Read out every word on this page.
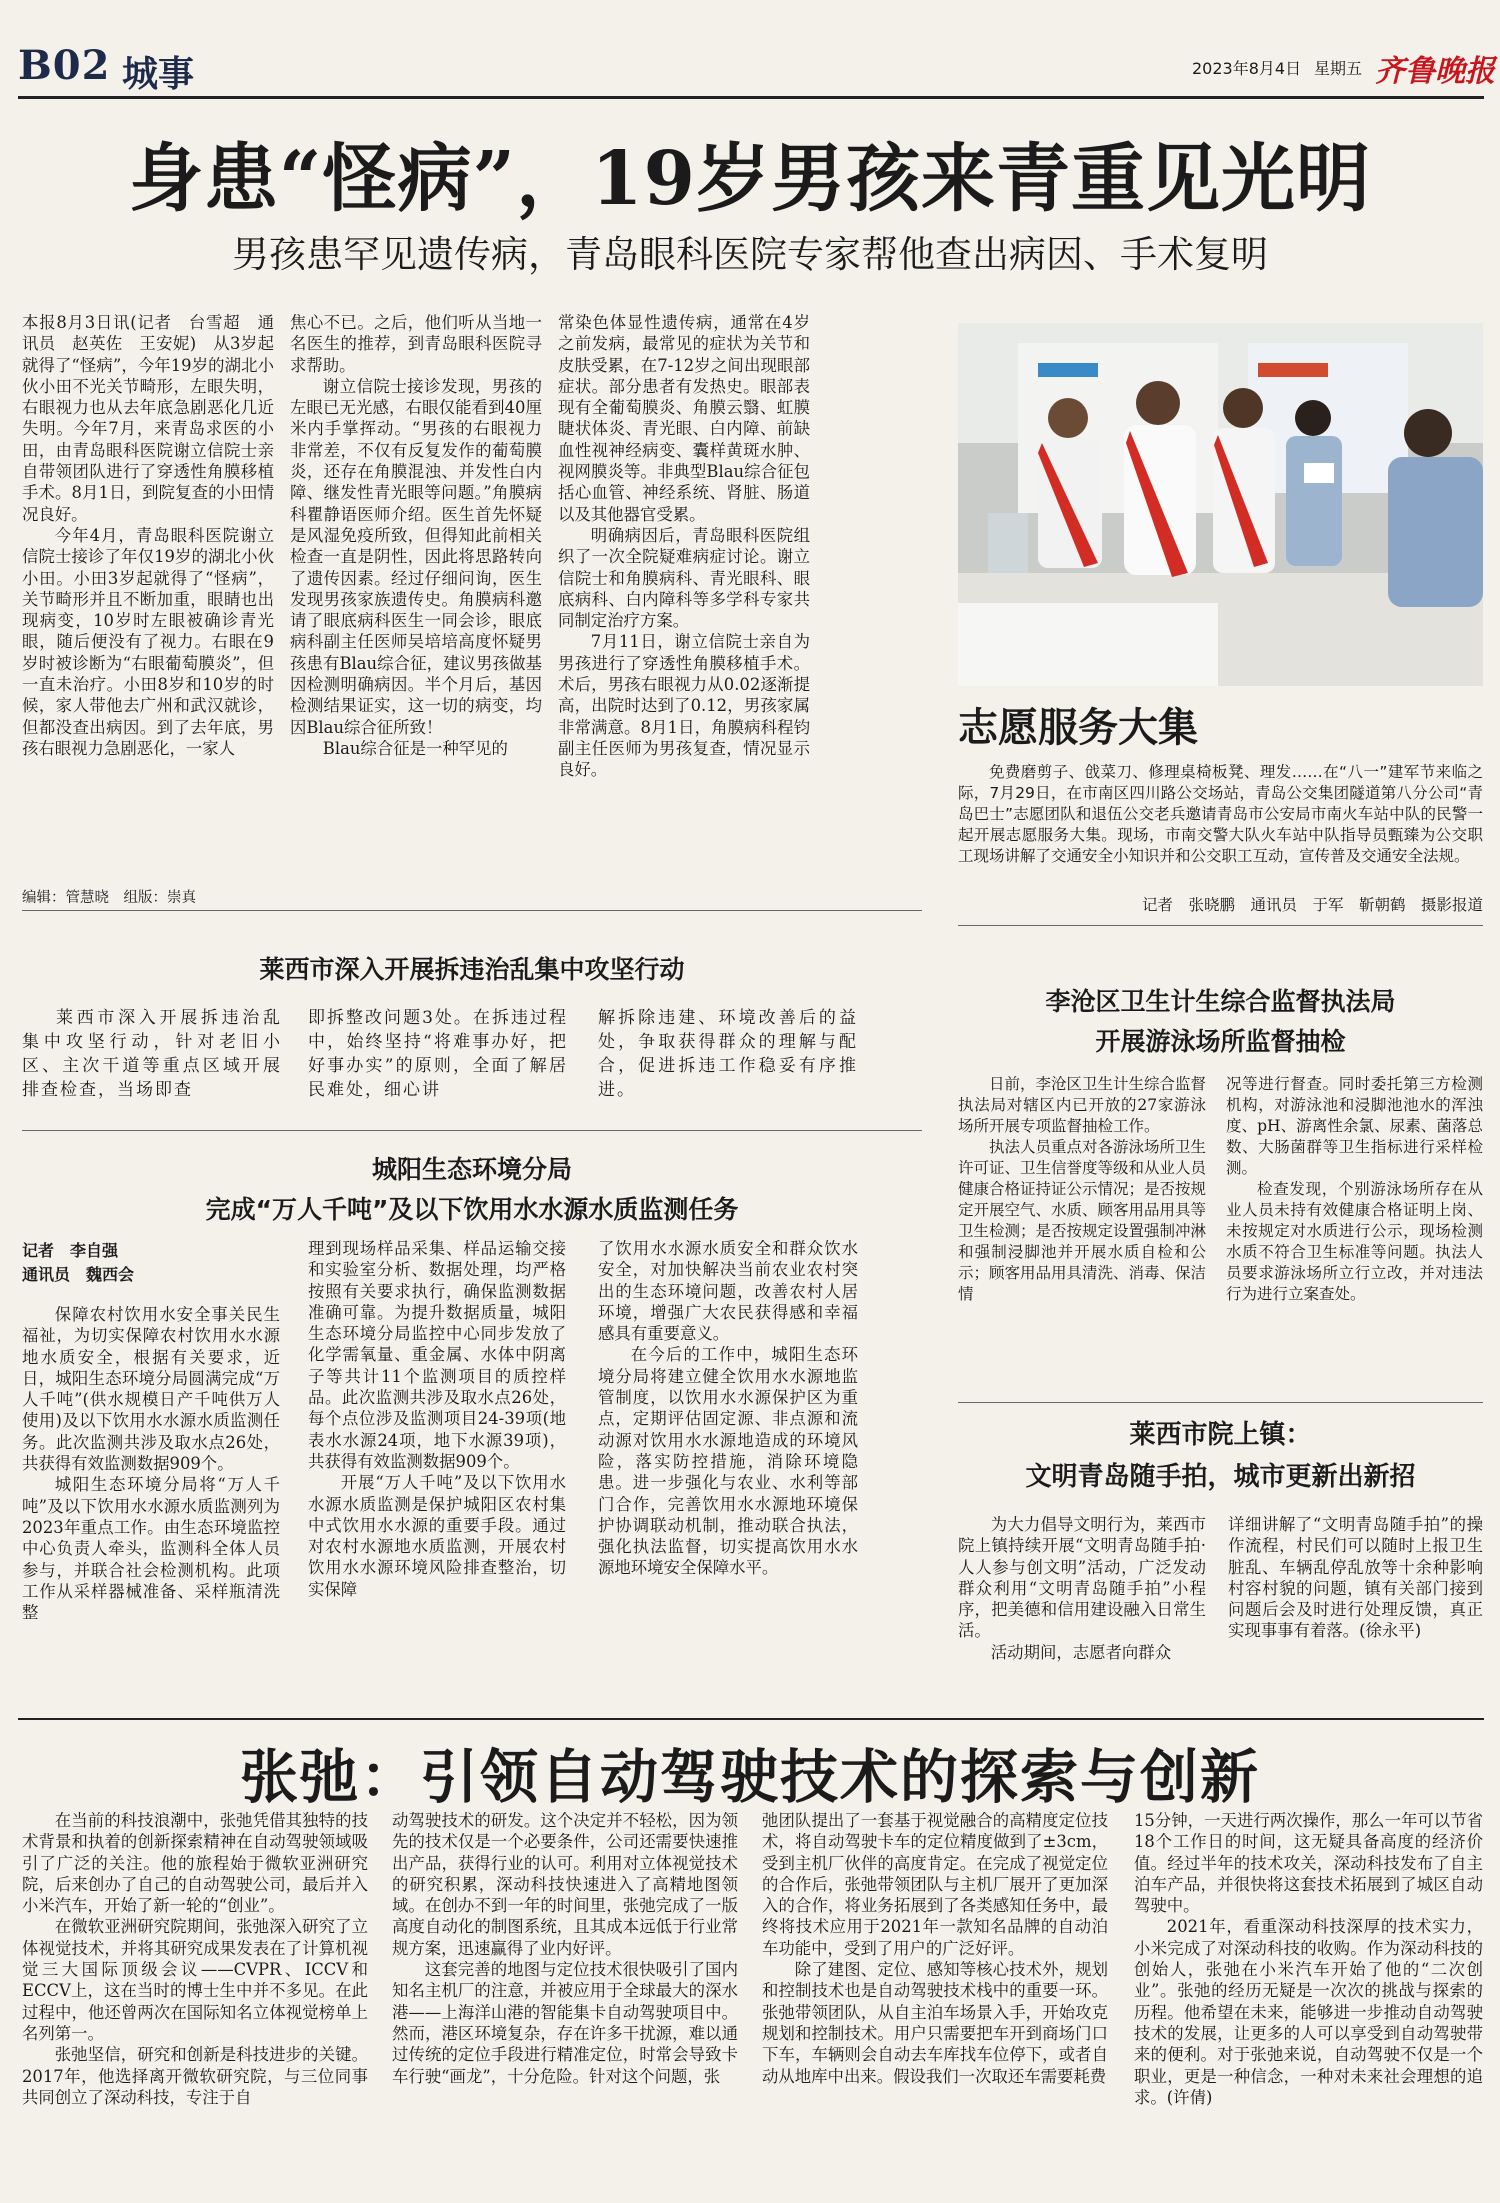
B02 城事	2023年8月4日 星期五 齐鲁晚报
身患“怪病”，19岁男孩来青重见光明
男孩患罕见遗传病，青岛眼科医院专家帮他查出病因、手术复明

本报8月3日讯(记者　台雪超　通讯员　赵英佐　王安妮)　从3岁起就得了“怪病”，今年19岁的湖北小伙小田不光关节畸形，左眼失明，右眼视力也从去年底急剧恶化几近失明。今年7月，来青岛求医的小田，由青岛眼科医院谢立信院士亲自带领团队进行了穿透性角膜移植手术。8月1日，到院复查的小田情况良好。

今年4月，青岛眼科医院谢立信院士接诊了年仅19岁的湖北小伙小田。小田3岁起就得了“怪病”，关节畸形并且不断加重，眼睛也出现病变，10岁时左眼被确诊青光眼，随后便没有了视力。右眼在9岁时被诊断为“右眼葡萄膜炎”，但一直未治疗。小田8岁和10岁的时候，家人带他去广州和武汉就诊，但都没查出病因。到了去年底，男孩右眼视力急剧恶化，一家人

焦心不已。之后，他们听从当地一名医生的推荐，到青岛眼科医院寻求帮助。

谢立信院士接诊发现，男孩的左眼已无光感，右眼仅能看到40厘米内手掌挥动。“男孩的右眼视力非常差，不仅有反复发作的葡萄膜炎，还存在角膜混浊、并发性白内障、继发性青光眼等问题。”角膜病科瞿静语医师介绍。医生首先怀疑是风湿免疫所致，但得知此前相关检查一直是阴性，因此将思路转向了遗传因素。经过仔细问询，医生发现男孩家族遗传史。角膜病科邀请了眼底病科医生一同会诊，眼底病科副主任医师吴培培高度怀疑男孩患有Blau综合征，建议男孩做基因检测明确病因。半个月后，基因检测结果证实，这一切的病变，均因Blau综合征所致！

Blau综合征是一种罕见的

常染色体显性遗传病，通常在4岁之前发病，最常见的症状为关节和皮肤受累，在7-12岁之间出现眼部症状。部分患者有发热史。眼部表现有全葡萄膜炎、角膜云翳、虹膜睫状体炎、青光眼、白内障、前缺血性视神经病变、囊样黄斑水肿、视网膜炎等。非典型Blau综合征包括心血管、神经系统、肾脏、肠道以及其他器官受累。

明确病因后，青岛眼科医院组织了一次全院疑难病症讨论。谢立信院士和角膜病科、青光眼科、眼底病科、白内障科等多学科专家共同制定治疗方案。

7月11日，谢立信院士亲自为男孩进行了穿透性角膜移植手术。术后，男孩右眼视力从0.02逐渐提高，出院时达到了0.12，男孩家属非常满意。8月1日，角膜病科程钧副主任医师为男孩复查，情况显示良好。

编辑：管慧晓　组版：崇真
志愿服务大集

免费磨剪子、戗菜刀、修理桌椅板凳、理发……在“八一”建军节来临之际，7月29日，在市南区四川路公交场站，青岛公交集团隧道第八分公司“青岛巴士”志愿团队和退伍公交老兵邀请青岛市公安局市南火车站中队的民警一起开展志愿服务大集。现场，市南交警大队火车站中队指导员甄臻为公交职工现场讲解了交通安全小知识并和公交职工互动，宣传普及交通安全法规。

记者　张晓鹏　通讯员　于军　靳朝鹤　摄影报道
莱西市深入开展拆违治乱集中攻坚行动

莱西市深入开展拆违治乱集中攻坚行动，针对老旧小区、主次干道等重点区域开展排查检查，当场即查

即拆整改问题3处。在拆违过程中，始终坚持“将难事办好，把好事办实”的原则，全面了解居民难处，细心讲

解拆除违建、环境改善后的益处，争取获得群众的理解与配合，促进拆违工作稳妥有序推进。

李沧区卫生计生综合监督执法局
开展游泳场所监督抽检

日前，李沧区卫生计生综合监督执法局对辖区内已开放的27家游泳场所开展专项监督抽检工作。

执法人员重点对各游泳场所卫生许可证、卫生信誉度等级和从业人员健康合格证持证公示情况；是否按规定开展空气、水质、顾客用品用具等卫生检测；是否按规定设置强制冲淋和强制浸脚池并开展水质自检和公示；顾客用品用具清洗、消毒、保洁情

况等进行督查。同时委托第三方检测机构，对游泳池和浸脚池池水的浑浊度、pH、游离性余氯、尿素、菌落总数、大肠菌群等卫生指标进行采样检测。

检查发现，个别游泳场所存在从业人员未持有效健康合格证明上岗、未按规定对水质进行公示，现场检测水质不符合卫生标准等问题。执法人员要求游泳场所立行立改，并对违法行为进行立案查处。

城阳生态环境分局
完成“万人千吨”及以下饮用水水源水质监测任务
记者　李自强
通讯员　魏西会

保障农村饮用水安全事关民生福祉，为切实保障农村饮用水水源地水质安全，根据有关要求，近日，城阳生态环境分局圆满完成“万人千吨”(供水规模日产千吨供万人使用)及以下饮用水水源水质监测任务。此次监测共涉及取水点26处，共获得有效监测数据909个。

城阳生态环境分局将“万人千吨”及以下饮用水水源水质监测列为2023年重点工作。由生态环境监控中心负责人牵头，监测科全体人员参与，并联合社会检测机构。此项工作从采样器械准备、采样瓶清洗整

理到现场样品采集、样品运输交接和实验室分析、数据处理，均严格按照有关要求执行，确保监测数据准确可靠。为提升数据质量，城阳生态环境分局监控中心同步发放了化学需氧量、重金属、水体中阴离子等共计11个监测项目的质控样品。此次监测共涉及取水点26处，每个点位涉及监测项目24-39项(地表水水源24项，地下水源39项)，共获得有效监测数据909个。

开展“万人千吨”及以下饮用水水源水质监测是保护城阳区农村集中式饮用水水源的重要手段。通过对农村水源地水质监测，开展农村饮用水水源环境风险排查整治，切实保障

了饮用水水源水质安全和群众饮水安全，对加快解决当前农业农村突出的生态环境问题，改善农村人居环境，增强广大农民获得感和幸福感具有重要意义。

在今后的工作中，城阳生态环境分局将建立健全饮用水水源地监管制度，以饮用水水源保护区为重点，定期评估固定源、非点源和流动源对饮用水水源地造成的环境风险，落实防控措施，消除环境隐患。进一步强化与农业、水利等部门合作，完善饮用水水源地环境保护协调联动机制，推动联合执法，强化执法监督，切实提高饮用水水源地环境安全保障水平。

莱西市院上镇：
文明青岛随手拍，城市更新出新招

为大力倡导文明行为，莱西市院上镇持续开展“文明青岛随手拍·人人参与创文明”活动，广泛发动群众利用“文明青岛随手拍”小程序，把美德和信用建设融入日常生活。

活动期间，志愿者向群众

详细讲解了“文明青岛随手拍”的操作流程，村民们可以随时上报卫生脏乱、车辆乱停乱放等十余种影响村容村貌的问题，镇有关部门接到问题后会及时进行处理反馈，真正实现事事有着落。(徐永平)

张弛：引领自动驾驶技术的探索与创新

在当前的科技浪潮中，张弛凭借其独特的技术背景和执着的创新探索精神在自动驾驶领域吸引了广泛的关注。他的旅程始于微软亚洲研究院，后来创办了自己的自动驾驶公司，最后并入小米汽车，开始了新一轮的“创业”。

在微软亚洲研究院期间，张弛深入研究了立体视觉技术，并将其研究成果发表在了计算机视觉三大国际顶级会议——CVPR、ICCV和ECCV上，这在当时的博士生中并不多见。在此过程中，他还曾两次在国际知名立体视觉榜单上名列第一。

张弛坚信，研究和创新是科技进步的关键。2017年，他选择离开微软研究院，与三位同事共同创立了深动科技，专注于自

动驾驶技术的研发。这个决定并不轻松，因为领先的技术仅是一个必要条件，公司还需要快速推出产品，获得行业的认可。利用对立体视觉技术的研究积累，深动科技快速进入了高精地图领域。在创办不到一年的时间里，张弛完成了一版高度自动化的制图系统，且其成本远低于行业常规方案，迅速赢得了业内好评。

这套完善的地图与定位技术很快吸引了国内知名主机厂的注意，并被应用于全球最大的深水港——上海洋山港的智能集卡自动驾驶项目中。然而，港区环境复杂，存在许多干扰源，难以通过传统的定位手段进行精准定位，时常会导致卡车行驶“画龙”，十分危险。针对这个问题，张

弛团队提出了一套基于视觉融合的高精度定位技术，将自动驾驶卡车的定位精度做到了±3cm，受到主机厂伙伴的高度肯定。在完成了视觉定位的合作后，张弛带领团队与主机厂展开了更加深入的合作，将业务拓展到了各类感知任务中，最终将技术应用于2021年一款知名品牌的自动泊车功能中，受到了用户的广泛好评。

除了建图、定位、感知等核心技术外，规划和控制技术也是自动驾驶技术栈中的重要一环。张弛带领团队，从自主泊车场景入手，开始攻克规划和控制技术。用户只需要把车开到商场门口下车，车辆则会自动去车库找车位停下，或者自动从地库中出来。假设我们一次取还车需要耗费

15分钟，一天进行两次操作，那么一年可以节省18个工作日的时间，这无疑具备高度的经济价值。经过半年的技术攻关，深动科技发布了自主泊车产品，并很快将这套技术拓展到了城区自动驾驶中。

2021年，看重深动科技深厚的技术实力，小米完成了对深动科技的收购。作为深动科技的创始人，张弛在小米汽车开始了他的“二次创业”。张弛的经历无疑是一次次的挑战与探索的历程。他希望在未来，能够进一步推动自动驾驶技术的发展，让更多的人可以享受到自动驾驶带来的便利。对于张弛来说，自动驾驶不仅是一个职业，更是一种信念，一种对未来社会理想的追求。(许倩)
